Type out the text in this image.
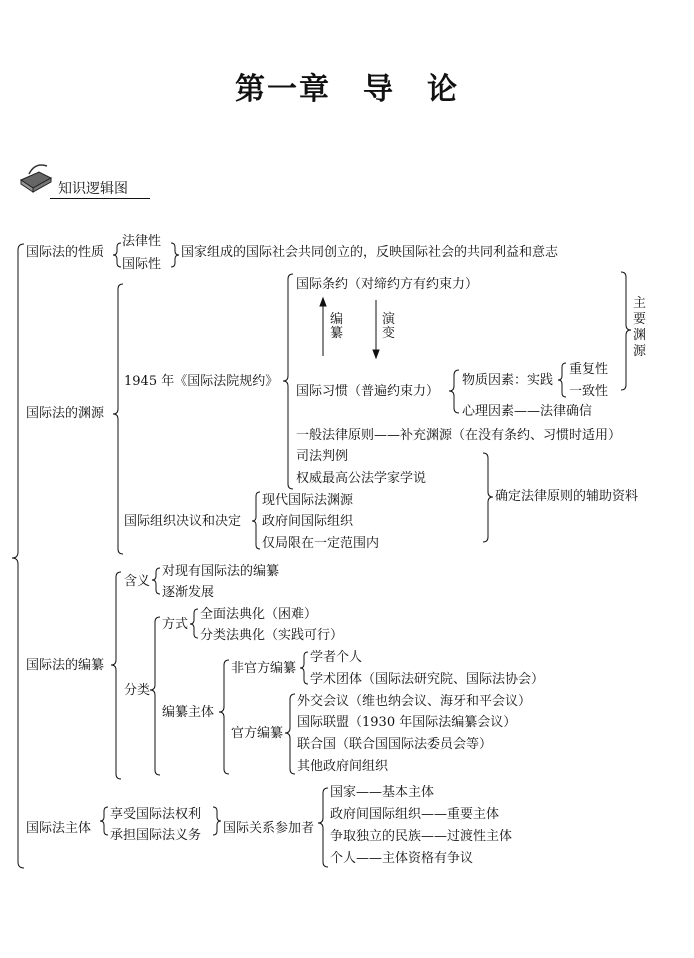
第一章　导　论
知识逻辑图
国际法的性质
法律性
国际性
国家组成的国际社会共同创立的，反映国际社会的共同利益和意志
国际法的渊源
1945 年《国际法院规约》
国际条约（对缔约方有约束力）
编纂
演变
主要渊源
国际习惯（普遍约束力）
物质因素：实践
重复性
一致性
心理因素——法律确信
一般法律原则——补充渊源（在没有条约、习惯时适用）
司法判例
权威最高公法学家学说
确定法律原则的辅助资料
国际组织决议和决定
现代国际法渊源
政府间国际组织
仅局限在一定范围内
国际法的编纂
含义
对现有国际法的编纂
逐渐发展
分类
方式
全面法典化（困难）
分类法典化（实践可行）
编纂主体
非官方编纂
学者个人
学术团体（国际法研究院、国际法协会）
官方编纂
外交会议（维也纳会议、海牙和平会议）
国际联盟（1930 年国际法编纂会议）
联合国（联合国国际法委员会等）
其他政府间组织
国际法主体
享受国际法权利
承担国际法义务 国际关系参加者
国家——基本主体
政府间国际组织——重要主体
争取独立的民族——过渡性主体
个人——主体资格有争议
